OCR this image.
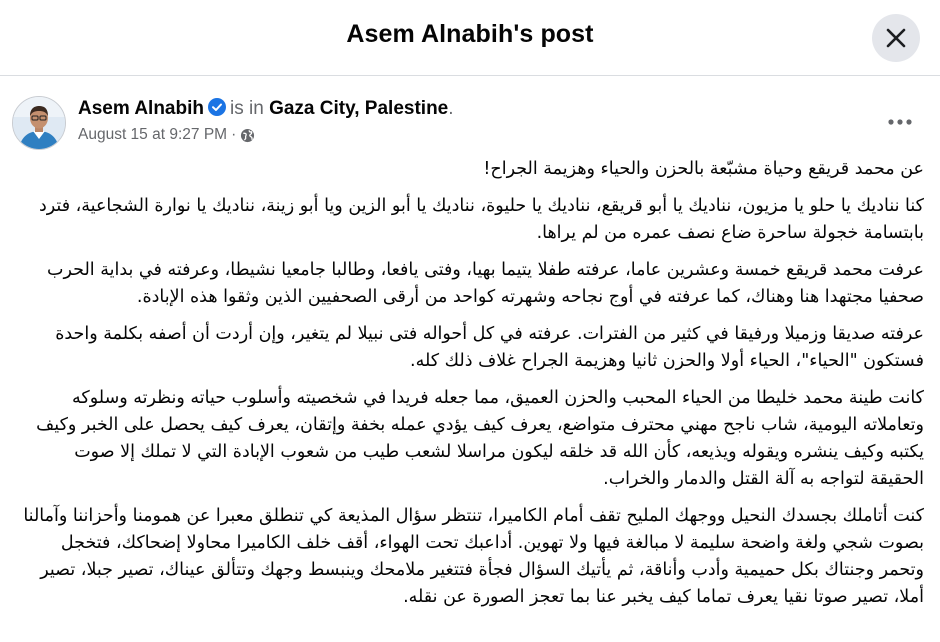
Asem Alnabih's post
Asem Alnabih is in Gaza City, Palestine.
August 15 at 9:27 PM ·

عن محمد قريقع وحياة مشبّعة بالحزن والحياء وهزيمة الجراح!

كنا نناديك يا حلو يا مزيون، نناديك يا أبو قريقع، نناديك يا حليوة، نناديك يا أبو الزين ويا أبو زينة، نناديك يا نوارة الشجاعية، فترد بابتسامة خجولة ساحرة ضاع نصف عمره من لم يراها.

عرفت محمد قريقع خمسة وعشرين عاما، عرفته طفلا يتيما بهيا، وفتى يافعا، وطالبا جامعيا نشيطا، وعرفته في بداية الحرب صحفيا مجتهدا هنا وهناك، كما عرفته في أوج نجاحه وشهرته كواحد من أرقى الصحفيين الذين وثقوا هذه الإبادة.

عرفته صديقا وزميلا ورفيقا في كثير من الفترات. عرفته في كل أحواله فتى نبيلا لم يتغير، وإن أردت أن أصفه بكلمة واحدة فستكون "الحياء"، الحياء أولا والحزن ثانيا وهزيمة الجراح غلاف ذلك كله.

كانت طينة محمد خليطا من الحياء المحبب والحزن العميق، مما جعله فريدا في شخصيته وأسلوب حياته ونظرته وسلوكه وتعاملاته اليومية، شاب ناجح مهني محترف متواضع، يعرف كيف يؤدي عمله بخفة وإتقان، يعرف كيف يحصل على الخبر وكيف يكتبه وكيف ينشره ويقوله ويذيعه، كأن الله قد خلقه ليكون مراسلا لشعب طيب من شعوب الإبادة التي لا تملك إلا صوت الحقيقة لتواجه به آلة القتل والدمار والخراب.

كنت أتاملك بجسدك النحيل ووجهك المليح تقف أمام الكاميرا، تنتظر سؤال المذيعة كي تنطلق معبرا عن همومنا وأحزاننا وآمالنا بصوت شجي ولغة واضحة سليمة لا مبالغة فيها ولا تهوين. أداعبك تحت الهواء، أقف خلف الكاميرا محاولا إضحاكك، فتخجل وتحمر وجنتاك بكل حميمية وأدب وأناقة، ثم يأتيك السؤال فجأة فتتغير ملامحك وينبسط وجهك وتتألق عيناك، تصير جبلا، تصير أملا، تصير صوتا نقيا يعرف تماما كيف يخبر عنا بما تعجز الصورة عن نقله.
